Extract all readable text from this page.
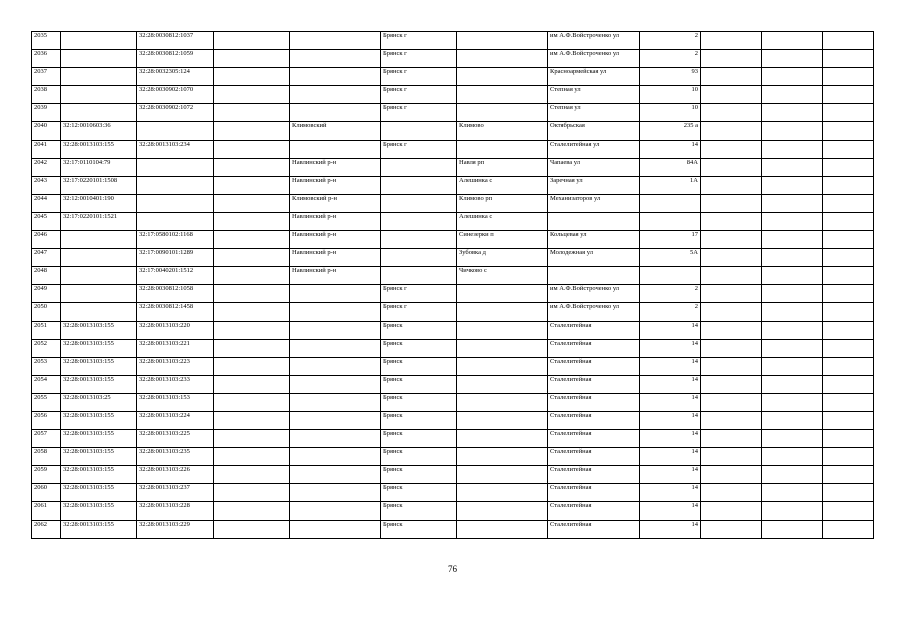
2035		32:28:0030812:1037			Брянск г		им А.Ф.Войстроченко ул	2			
2036		32:28:0030812:1059			Брянск г		им А.Ф.Войстроченко ул	2			
2037		32:28:0032305:124			Брянск г		Красноармейская ул	93			
2038		32:28:0030902:1070			Брянск г		Степная ул	10			
2039		32:28:0030902:1072			Брянск г		Степная ул	10			
2040	32:12:0010603:36			Климовский		Климово	Октябрьская	235 а			
2041	32:28:0013103:155	32:28:0013103:234			Брянск г		Сталелитейная ул	14			
2042	32:17:0110104:79			Навлинский р-н		Навля рп	Чапаева ул	84А			
2043	32:17:0220101:1508			Навлинский р-н		Алешинка с	Заречная ул	1А			
2044	32:12:0010401:190			Климовский р-н		Климово рп	Механизаторов ул				
2045	32:17:0220101:1521			Навлинский р-н		Алешинка с					
2046		32:17:0580102:1168		Навлинский р-н		Синезерки п	Кольцевая ул	17			
2047		32:17:0090101:1289		Навлинский р-н		Зубовка д	Молодежная ул	5А			
2048		32:17:0040201:1512		Навлинский р-н		Чичково с					
2049		32:28:0030812:1058			Брянск г		им А.Ф.Войстроченко ул	2			
2050		32:28:0030812:1458			Брянск г		им А.Ф.Войстроченко ул	2			
2051	32:28:0013103:155	32:28:0013103:220			Брянск		Сталелитейная	14			
2052	32:28:0013103:155	32:28:0013103:221			Брянск		Сталелитейная	14			
2053	32:28:0013103:155	32:28:0013103:223			Брянск		Сталелитейная	14			
2054	32:28:0013103:155	32:28:0013103:233			Брянск		Сталелитейная	14			
2055	32:28:0013103:25	32:28:0013103:153			Брянск		Сталелитейная	14			
2056	32:28:0013103:155	32:28:0013103:224			Брянск		Сталелитейная	14			
2057	32:28:0013103:155	32:28:0013103:225			Брянск		Сталелитейная	14			
2058	32:28:0013103:155	32:28:0013103:235			Брянск		Сталелитейная	14			
2059	32:28:0013103:155	32:28:0013103:226			Брянск		Сталелитейная	14			
2060	32:28:0013103:155	32:28:0013103:237			Брянск		Сталелитейная	14			
2061	32:28:0013103:155	32:28:0013103:228			Брянск		Сталелитейная	14			
2062	32:28:0013103:155	32:28:0013103:229			Брянск		Сталелитейная	14			
76
